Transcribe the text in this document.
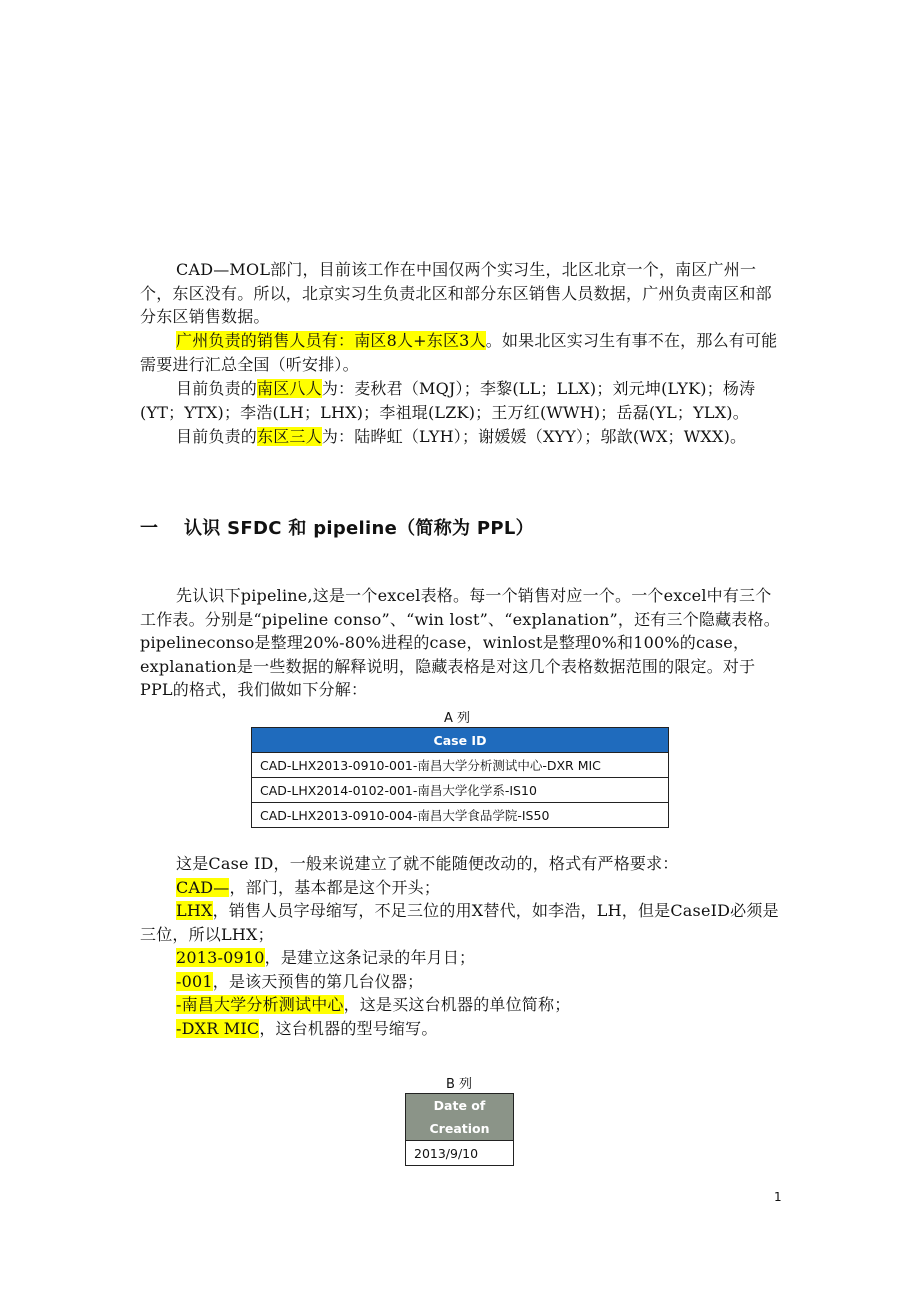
CAD—MOL部门，目前该工作在中国仅两个实习生，北区北京一个，南区广州一个，东区没有。所以，北京实习生负责北区和部分东区销售人员数据，广州负责南区和部分东区销售数据。
广州负责的销售人员有：南区8人+东区3人。如果北区实习生有事不在，那么有可能需要进行汇总全国（听安排）。
目前负责的南区八人为：麦秋君（MQJ）；李黎(LL；LLX)；刘元坤(LYK)；杨涛(YT；YTX)；李浩(LH；LHX)；李祖琨(LZK)；王万红(WWH)；岳磊(YL；YLX)。
目前负责的东区三人为：陆晔虹（LYH）；谢媛媛（XYY）；邬歆(WX；WXX)。
一 认识 SFDC 和 pipeline（简称为 PPL）
先认识下pipeline,这是一个excel表格。每一个销售对应一个。一个excel中有三个工作表。分别是“pipeline conso”、“win lost”、“explanation”，还有三个隐藏表格。pipelineconso是整理20%-80%进程的case，winlost是整理0%和100%的case，explanation是一些数据的解释说明，隐藏表格是对这几个表格数据范围的限定。对于PPL的格式，我们做如下分解：
A 列
Case ID
CAD-LHX2013-0910-001-南昌大学分析测试中心-DXR MIC
CAD-LHX2014-0102-001-南昌大学化学系-IS10
CAD-LHX2013-0910-004-南昌大学食品学院-IS50
这是Case ID，一般来说建立了就不能随便改动的，格式有严格要求：
CAD—，部门，基本都是这个开头；
LHX，销售人员字母缩写，不足三位的用X替代，如李浩，LH，但是CaseID必须是三位，所以LHX；
2013-0910，是建立这条记录的年月日；
-001，是该天预售的第几台仪器；
-南昌大学分析测试中心，这是买这台机器的单位简称；
-DXR MIC，这台机器的型号缩写。
B 列
Date of
Creation

2013/9/10
1
